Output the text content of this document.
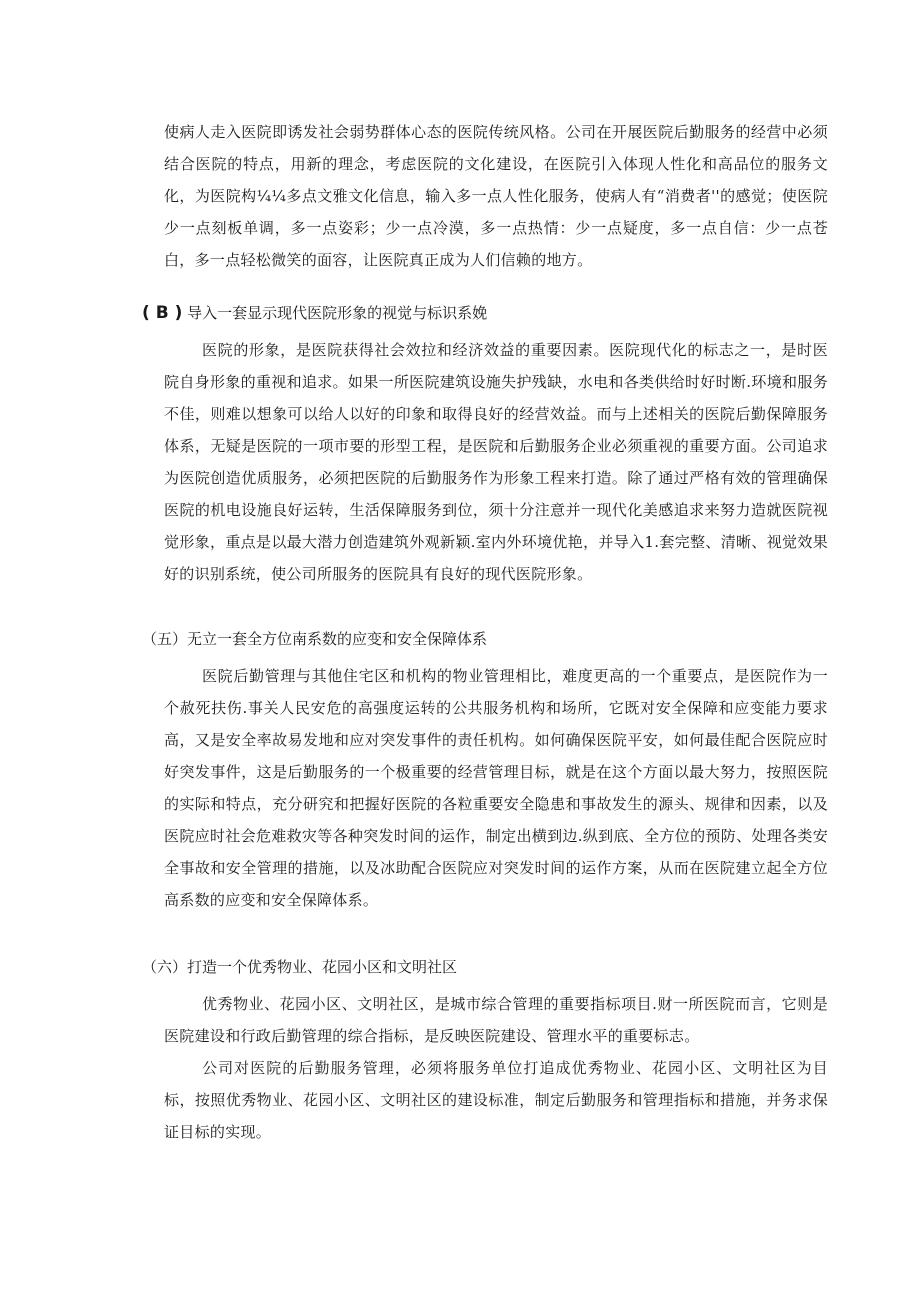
使病人走入医院即诱发社会弱势群体心态的医院传统风格。公司在开展医院后勤服务的经营中必须结合医院的特点，用新的理念，考虑医院的文化建设，在医院引入体现人性化和高品位的服务文化，为医院构¼¼多点文雅文化信息，输入多一点人性化服务，使病人有“消费者''的感觉；使医院少一点刻板单调，多一点姿彩；少一点冷漠，多一点热情：少一点疑度，多一点自信：少一点苍白，多一点轻松微笑的面容，让医院真正成为人们信赖的地方。

( B ) 导入一套显示现代医院形象的视觉与标识系娩

医院的形象，是医院获得社会效拉和经济效益的重要因素。医院现代化的标志之一，是时医院自身形象的重视和追求。如果一所医院建筑设施失护残缺，水电和各类供给时好时断.环境和服务不佳，则难以想象可以给人以好的印象和取得良好的经营效益。而与上述相关的医院后勤保障服务体系，无疑是医院的一项市要的形型工程，是医院和后勤服务企业必须重视的重要方面。公司追求为医院创造优质服务，必须把医院的后勤服务作为形象工程来打造。除了通过严格有效的管理确保医院的机电设施良好运转，生活保障服务到位，须十分注意并一现代化美感追求来努力造就医院视觉形象，重点是以最大潜力创造建筑外观新颖.室内外环境优艳，并导入1.套完整、清晰、视觉效果好的识别系统，使公司所服务的医院具有良好的现代医院形象。

（五）无立一套全方位南系数的应变和安全保障体系

医院后勤管理与其他住宅区和机构的物业管理相比，难度更高的一个重要点，是医院作为一个赦死扶伤.事关人民安危的高强度运转的公共服务机构和场所，它既对安全保障和应变能力要求高，又是安全率故易发地和应对突发事件的责任机构。如何确保医院平安，如何最佳配合医院应时好突发事件，这是后勤服务的一个极重要的经营管理目标，就是在这个方面以最大努力，按照医院的实际和特点，充分研究和把握好医院的各粒重要安全隐患和事故发生的源头、规律和因素，以及医院应时社会危难救灾等各种突发时间的运作，制定出横到边.纵到底、全方位的预防、处理各类安全事故和安全管理的措施，以及冰助配合医院应对突发时间的运作方案，从而在医院建立起全方位高系数的应变和安全保障体系。

（六）打造一个优秀物业、花园小区和文明社区

优秀物业、花园小区、文明社区，是城市综合管理的重要指标项目.财一所医院而言，它则是医院建设和行政后勤管理的综合指标，是反映医院建设、管理水平的重要标志。

公司对医院的后勤服务管理，必须将服务单位打追成优秀物业、花园小区、文明社区为目标，按照优秀物业、花园小区、文明社区的建设标准，制定后勤服务和管理指标和措施，并务求保证目标的实现。
